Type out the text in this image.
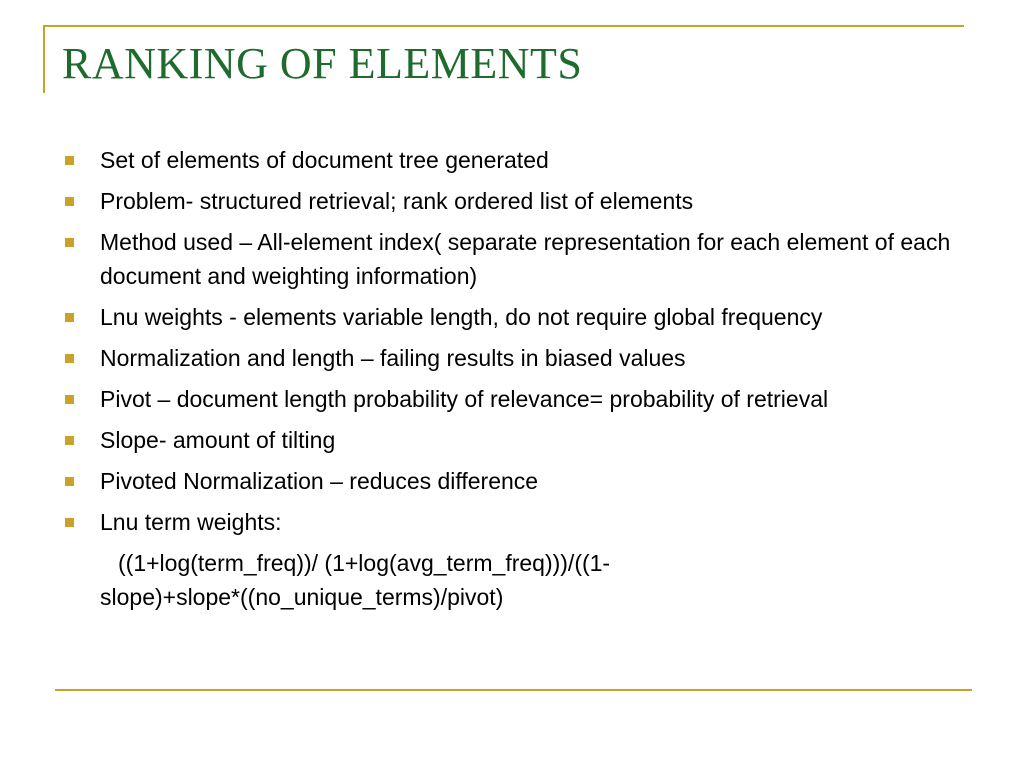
RANKING OF ELEMENTS
Set of elements of document tree generated
Problem- structured retrieval; rank ordered list of elements
Method used – All-element index( separate representation for each element of each document and weighting information)
Lnu weights - elements variable length, do not require global frequency
Normalization and length – failing results in biased values
Pivot – document length probability of relevance= probability of retrieval
Slope- amount of tilting
Pivoted Normalization – reduces difference
Lnu term weights:
((1+log(term_freq))/ (1+log(avg_term_freq)))/((1-
slope)+slope*((no_unique_terms)/pivot)
